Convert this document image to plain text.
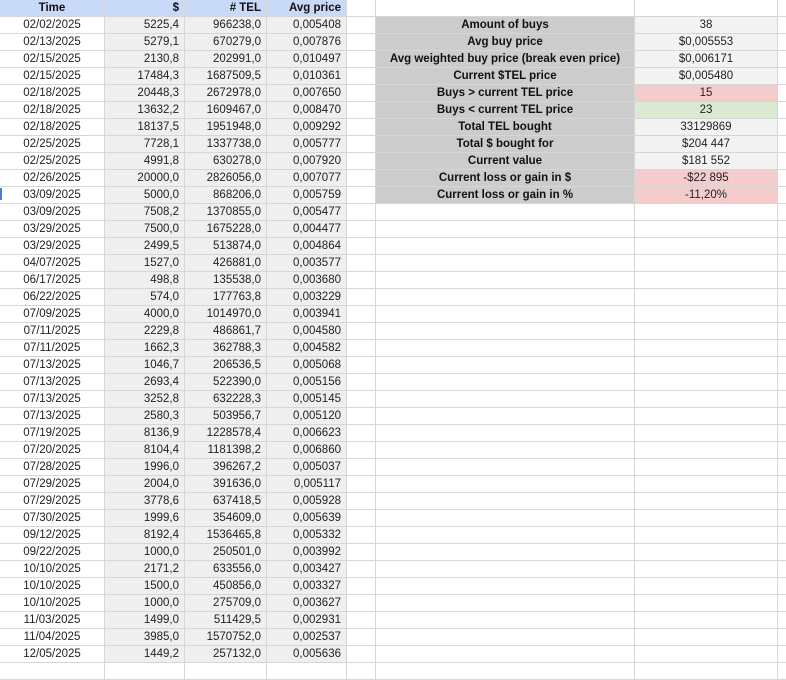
Time	$	# TEL	Avg price
02/02/2025	5225,4	966238,0	0,005408	Amount of buys	38
02/13/2025	5279,1	670279,0	0,007876	Avg buy price	$0,005553
02/15/2025	2130,8	202991,0	0,010497	Avg weighted buy price (break even price)	$0,006171
02/15/2025	17484,3	1687509,5	0,010361	Current $TEL price	$0,005480
02/18/2025	20448,3	2672978,0	0,007650	Buys > current TEL price	15
02/18/2025	13632,2	1609467,0	0,008470	Buys < current TEL price	23
02/18/2025	18137,5	1951948,0	0,009292	Total TEL bought	33129869
02/25/2025	7728,1	1337738,0	0,005777	Total $ bought for	$204 447
02/25/2025	4991,8	630278,0	0,007920	Current value	$181 552
02/26/2025	20000,0	2826056,0	0,007077	Current loss or gain in $	-$22 895
03/09/2025	5000,0	868206,0	0,005759	Current loss or gain in %	-11,20%
03/09/2025	7508,2	1370855,0	0,005477
03/29/2025	7500,0	1675228,0	0,004477
03/29/2025	2499,5	513874,0	0,004864
04/07/2025	1527,0	426881,0	0,003577
06/17/2025	498,8	135538,0	0,003680
06/22/2025	574,0	177763,8	0,003229
07/09/2025	4000,0	1014970,0	0,003941
07/11/2025	2229,8	486861,7	0,004580
07/11/2025	1662,3	362788,3	0,004582
07/13/2025	1046,7	206536,5	0,005068
07/13/2025	2693,4	522390,0	0,005156
07/13/2025	3252,8	632228,3	0,005145
07/13/2025	2580,3	503956,7	0,005120
07/19/2025	8136,9	1228578,4	0,006623
07/20/2025	8104,4	1181398,2	0,006860
07/28/2025	1996,0	396267,2	0,005037
07/29/2025	2004,0	391636,0	0,005117
07/29/2025	3778,6	637418,5	0,005928
07/30/2025	1999,6	354609,0	0,005639
09/12/2025	8192,4	1536465,8	0,005332
09/22/2025	1000,0	250501,0	0,003992
10/10/2025	2171,2	633556,0	0,003427
10/10/2025	1500,0	450856,0	0,003327
10/10/2025	1000,0	275709,0	0,003627
11/03/2025	1499,0	511429,5	0,002931
11/04/2025	3985,0	1570752,0	0,002537
12/05/2025	1449,2	257132,0	0,005636
